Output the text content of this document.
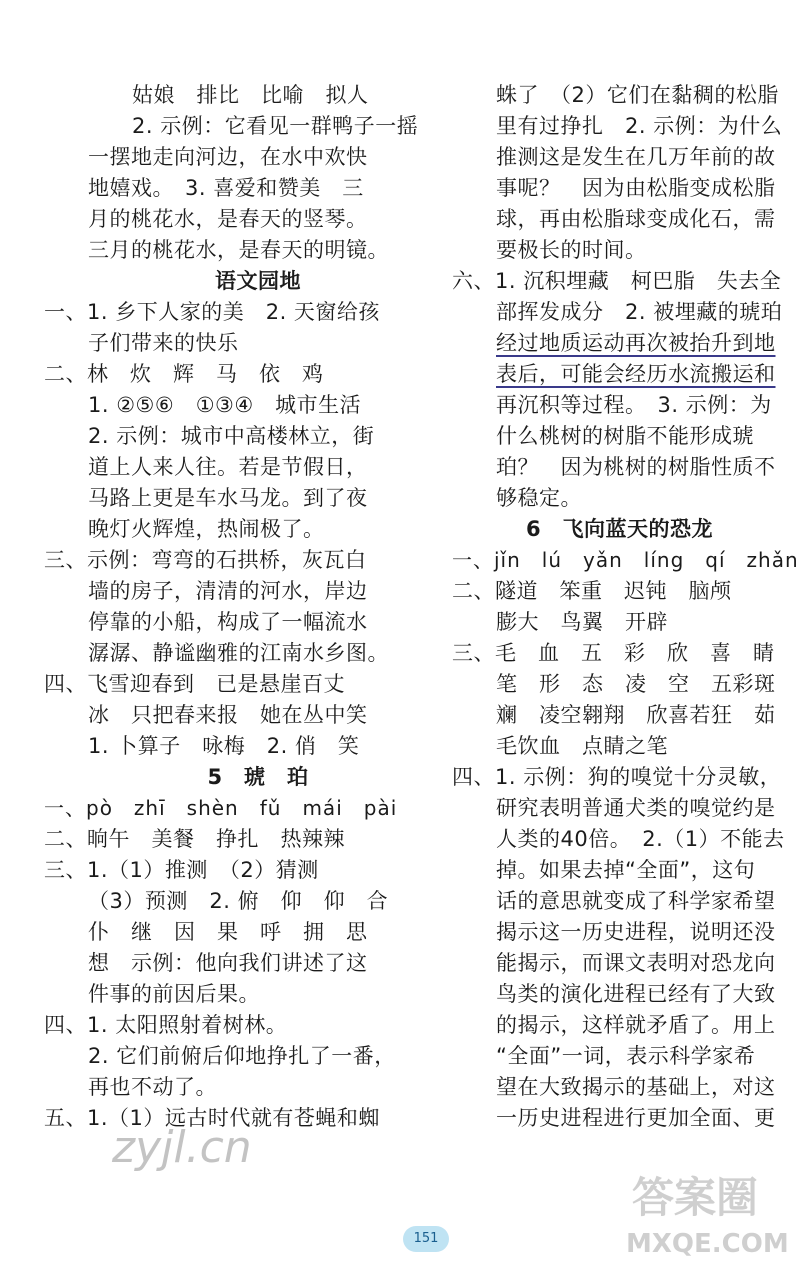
姑娘　排比　比喻　拟人
2. 示例：它看见一群鸭子一摇
一摆地走向河边，在水中欢快
地嬉戏。　3. 喜爱和赞美　三
月的桃花水，是春天的竖琴。
三月的桃花水，是春天的明镜。
语文园地
一、1. 乡下人家的美　2. 天窗给孩
子们带来的快乐
二、林　炊　辉　马　依　鸡
1. ②⑤⑥　①③④　城市生活
2. 示例：城市中高楼林立，街
道上人来人往。若是节假日，
马路上更是车水马龙。到了夜
晚灯火辉煌，热闹极了。
三、示例：弯弯的石拱桥，灰瓦白
墙的房子，清清的河水，岸边
停靠的小船，构成了一幅流水
潺潺、静谧幽雅的江南水乡图。
四、飞雪迎春到　已是悬崖百丈
冰　只把春来报　她在丛中笑
1. 卜算子　咏梅　2. 俏　笑
5　琥　珀
一、pò　zhī　shèn　fǔ　mái　pài
二、晌午　美餐　挣扎　热辣辣
三、1.（1）推测　（2）猜测
（3）预测　2. 俯　仰　仰　合
仆　继　因　果　呼　拥　思
想　示例：他向我们讲述了这
件事的前因后果。
四、1. 太阳照射着树林。
2. 它们前俯后仰地挣扎了一番，
再也不动了。
五、1.（1）远古时代就有苍蝇和蜘
蛛了　（2）它们在黏稠的松脂
里有过挣扎　2. 示例：为什么
推测这是发生在几万年前的故
事呢？　因为由松脂变成松脂
球，再由松脂球变成化石，需
要极长的时间。
六、1. 沉积埋藏　柯巴脂　失去全
部挥发成分　2. 被埋藏的琥珀
经过地质运动再次被抬升到地
表后，可能会经历水流搬运和
再沉积等过程。　3. 示例：为
什么桃树的树脂不能形成琥
珀？　因为桃树的树脂性质不
够稳定。
6　飞向蓝天的恐龙
一、jǐn　lú　yǎn　líng　qí　zhǎn
二、隧道　笨重　迟钝　脑颅
膨大　鸟翼　开辟
三、毛　血　五　彩　欣　喜　睛
笔　形　态　凌　空　五彩斑
斓　凌空翱翔　欣喜若狂　茹
毛饮血　点睛之笔
四、1. 示例：狗的嗅觉十分灵敏，
研究表明普通犬类的嗅觉约是
人类的40倍。　2.（1）不能去
掉。如果去掉“全面”，这句
话的意思就变成了科学家希望
揭示这一历史进程，说明还没
能揭示，而课文表明对恐龙向
鸟类的演化进程已经有了大致
的揭示，这样就矛盾了。用上
“全面”一词，表示科学家希
望在大致揭示的基础上，对这
一历史进程进行更加全面、更
151
zyjl.cn
答案圈
MXQE.COM
